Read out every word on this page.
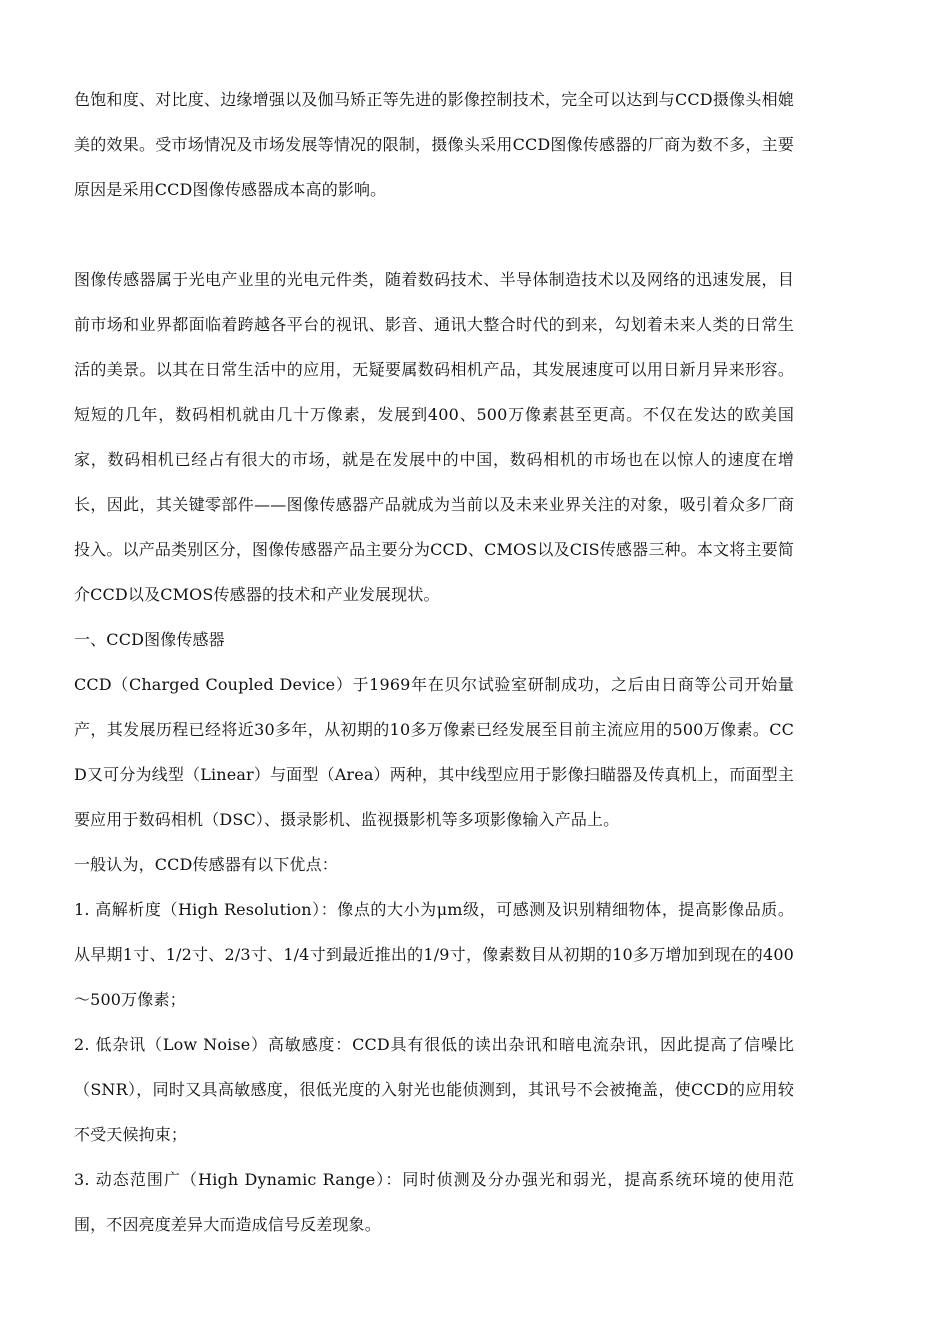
色饱和度、对比度、边缘增强以及伽马矫正等先进的影像控制技术，完全可以达到与CCD摄像头相媲美的效果。受市场情况及市场发展等情况的限制，摄像头采用CCD图像传感器的厂商为数不多，主要原因是采用CCD图像传感器成本高的影响。

图像传感器属于光电产业里的光电元件类，随着数码技术、半导体制造技术以及网络的迅速发展，目前市场和业界都面临着跨越各平台的视讯、影音、通讯大整合时代的到来，勾划着未来人类的日常生活的美景。以其在日常生活中的应用，无疑要属数码相机产品，其发展速度可以用日新月异来形容。短短的几年，数码相机就由几十万像素，发展到400、500万像素甚至更高。不仅在发达的欧美国家，数码相机已经占有很大的市场，就是在发展中的中国，数码相机的市场也在以惊人的速度在增长，因此，其关键零部件——图像传感器产品就成为当前以及未来业界关注的对象，吸引着众多厂商投入。以产品类别区分，图像传感器产品主要分为CCD、CMOS以及CIS传感器三种。本文将主要简介CCD以及CMOS传感器的技术和产业发展现状。

一、CCD图像传感器

CCD（Charged Coupled Device）于1969年在贝尔试验室研制成功，之后由日商等公司开始量产，其发展历程已经将近30多年，从初期的10多万像素已经发展至目前主流应用的500万像素。CCD又可分为线型（Linear）与面型（Area）两种，其中线型应用于影像扫瞄器及传真机上，而面型主要应用于数码相机（DSC）、摄录影机、监视摄影机等多项影像输入产品上。

一般认为，CCD传感器有以下优点：

1. 高解析度（High Resolution）：像点的大小为μm级，可感测及识别精细物体，提高影像品质。从早期1寸、1/2寸、2/3寸、1/4寸到最近推出的1/9寸，像素数目从初期的10多万增加到现在的400～500万像素；

2. 低杂讯（Low Noise）高敏感度：CCD具有很低的读出杂讯和暗电流杂讯，因此提高了信噪比（SNR），同时又具高敏感度，很低光度的入射光也能侦测到，其讯号不会被掩盖，使CCD的应用较不受天候拘束；

3. 动态范围广（High Dynamic Range）：同时侦测及分办强光和弱光，提高系统环境的使用范围，不因亮度差异大而造成信号反差现象。
